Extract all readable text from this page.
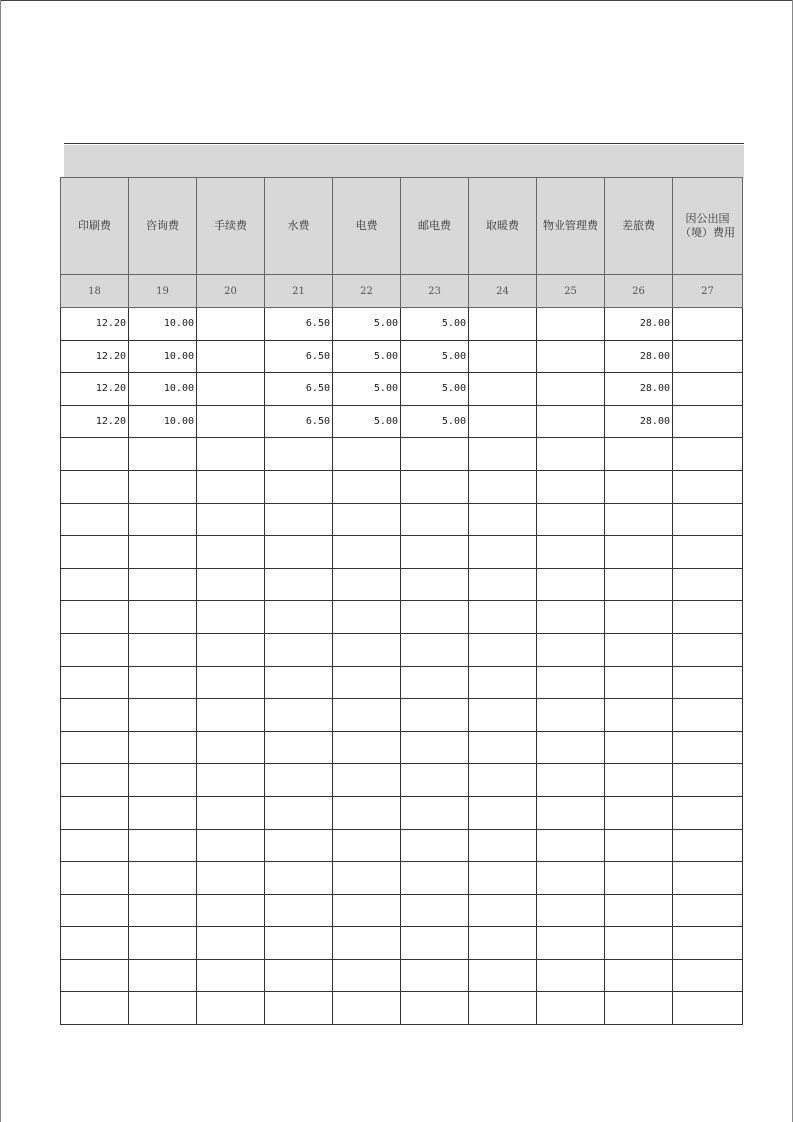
印刷费	咨询费	手续费	水费	电费	邮电费	取暖费	物业管理费	差旅费	因公出国（境）费用
18	19	20	21	22	23	24	25	26	27
12.20	10.00		6.50	5.00	5.00			28.00	
12.20	10.00		6.50	5.00	5.00			28.00	
12.20	10.00		6.50	5.00	5.00			28.00	
12.20	10.00		6.50	5.00	5.00			28.00	
